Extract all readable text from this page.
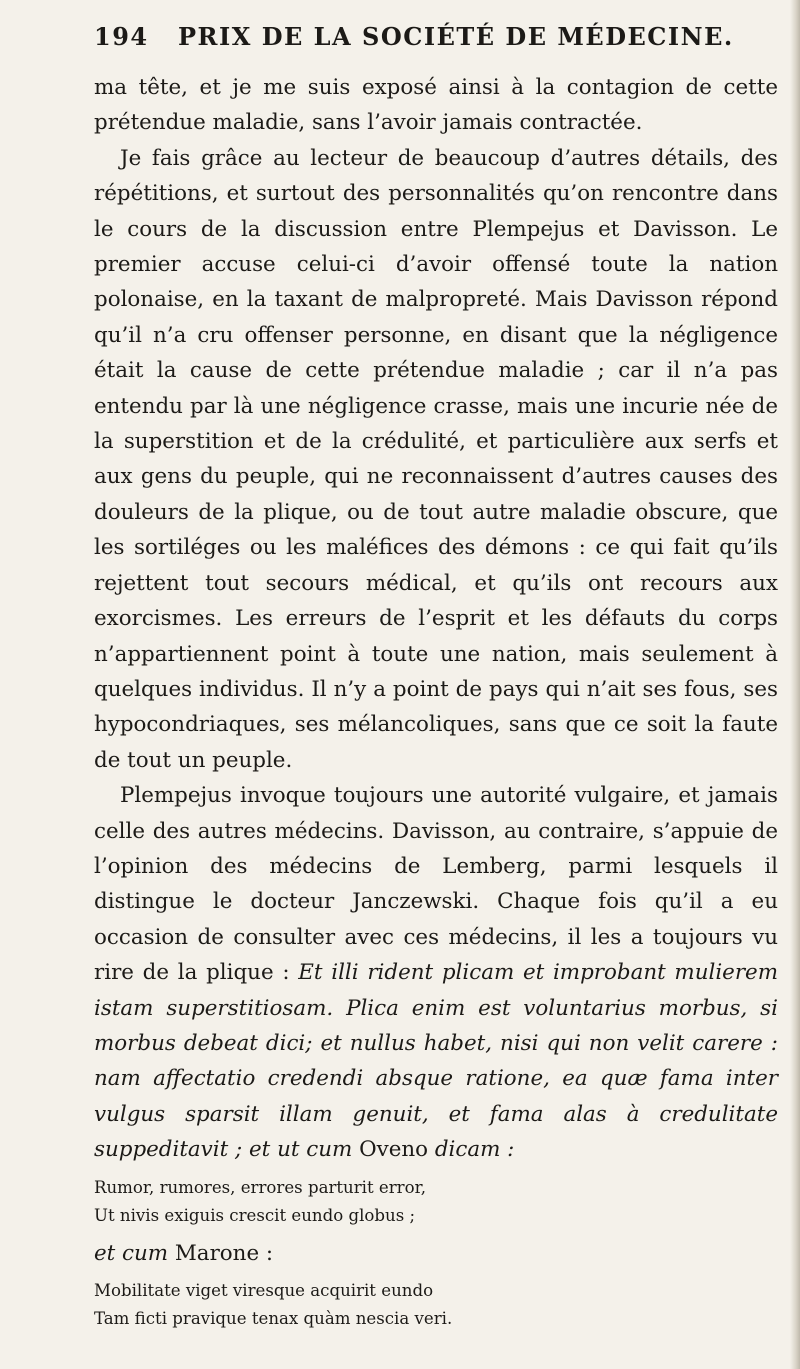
194	PRIX DE LA SOCIÉTÉ DE MÉDECINE.

ma tête, et je me suis exposé ainsi à la contagion de cette prétendue maladie, sans l’avoir jamais contractée.

Je fais grâce au lecteur de beaucoup d’autres détails, des répétitions, et surtout des personnalités qu’on rencontre dans le cours de la discussion entre Plempejus et Davisson. Le premier accuse celui-ci d’avoir offensé toute la nation polonaise, en la taxant de malpropreté. Mais Davisson répond qu’il n’a cru offenser personne, en disant que la négligence était la cause de cette prétendue maladie ; car il n’a pas entendu par là une négligence crasse, mais une incurie née de la superstition et de la crédulité, et particulière aux serfs et aux gens du peuple, qui ne reconnaissent d’autres causes des douleurs de la plique, ou de tout autre maladie obscure, que les sortiléges ou les maléfices des démons : ce qui fait qu’ils rejettent tout secours médical, et qu’ils ont recours aux exorcismes. Les erreurs de l’esprit et les défauts du corps n’appartiennent point à toute une nation, mais seulement à quelques individus. Il n’y a point de pays qui n’ait ses fous, ses hypocondriaques, ses mélancoliques, sans que ce soit la faute de tout un peuple.

Plempejus invoque toujours une autorité vulgaire, et jamais celle des autres médecins. Davisson, au contraire, s’appuie de l’opinion des médecins de Lemberg, parmi lesquels il distingue le docteur Janczewski. Chaque fois qu’il a eu occasion de consulter avec ces médecins, il les a toujours vu rire de la plique : Et illi rident plicam et improbant mulierem istam superstitiosam. Plica enim est voluntarius morbus, si morbus debeat dici; et nullus habet, nisi qui non velit carere : nam affectatio credendi absque ratione, ea quæ fama inter vulgus sparsit illam genuit, et fama alas à credulitate suppeditavit ; et ut cum Oveno dicam :

Rumor, rumores, errores parturit error,
Ut nivis exiguis crescit eundo globus ;

et cum Marone :

Mobilitate viget viresque acquirit eundo
Tam ficti pravique tenax quàm nescia veri.
